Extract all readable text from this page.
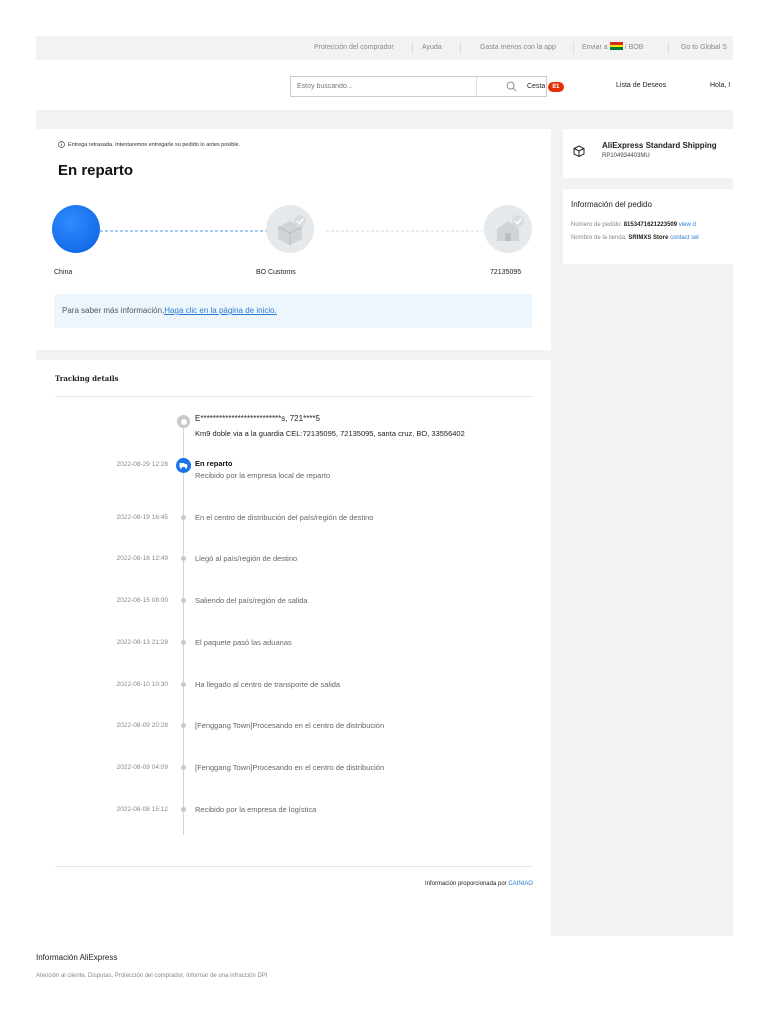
Protección del comprador	Ayuda	Gasta menos con la app	Enviar a / BOB	Go to Global S
Estoy buscando...
Cesta 81	Lista de Deseos	Hola, I
Entrega retrasada. Intentaremos entregarle su pedido lo antes posible.
En reparto
China	BO Customs	72135095
Para saber más información,Haga clic en la página de inicio.
Tracking details
E**************************s, 721****5
Km9 doble via a la guardia CEL:72135095, 72135095, santa cruz, BO, 33556402
2022-08-29 12:28	En reparto
Recibido por la empresa local de reparto
2022-08-19 16:45	En el centro de distribución del país/región de destino
2022-08-18 12:49	Llegó al país/región de destino
2022-08-15 08:00	Saliendo del país/región de salida
2022-08-13 21:29	El paquete pasó las aduanas
2022-08-10 10:30	Ha llegado al centro de transporte de salida
2022-08-09 20:28	[Fenggang Town]Procesando en el centro de distribución
2022-08-09 04:09	[Fenggang Town]Procesando en el centro de distribución
2022-08-08 15:12	Recibido por la empresa de logística
Información proporcionada por CAINIAO
AliExpress Standard Shipping
RP104934403MU
Información del pedido
Número de pedido: 8153471621223509 view d
Nombre de la tienda: SRIMXS Store contact sel
Información AliExpress
Atención al cliente, Disputas, Protección del comprador, Informar de una infracción DPI
